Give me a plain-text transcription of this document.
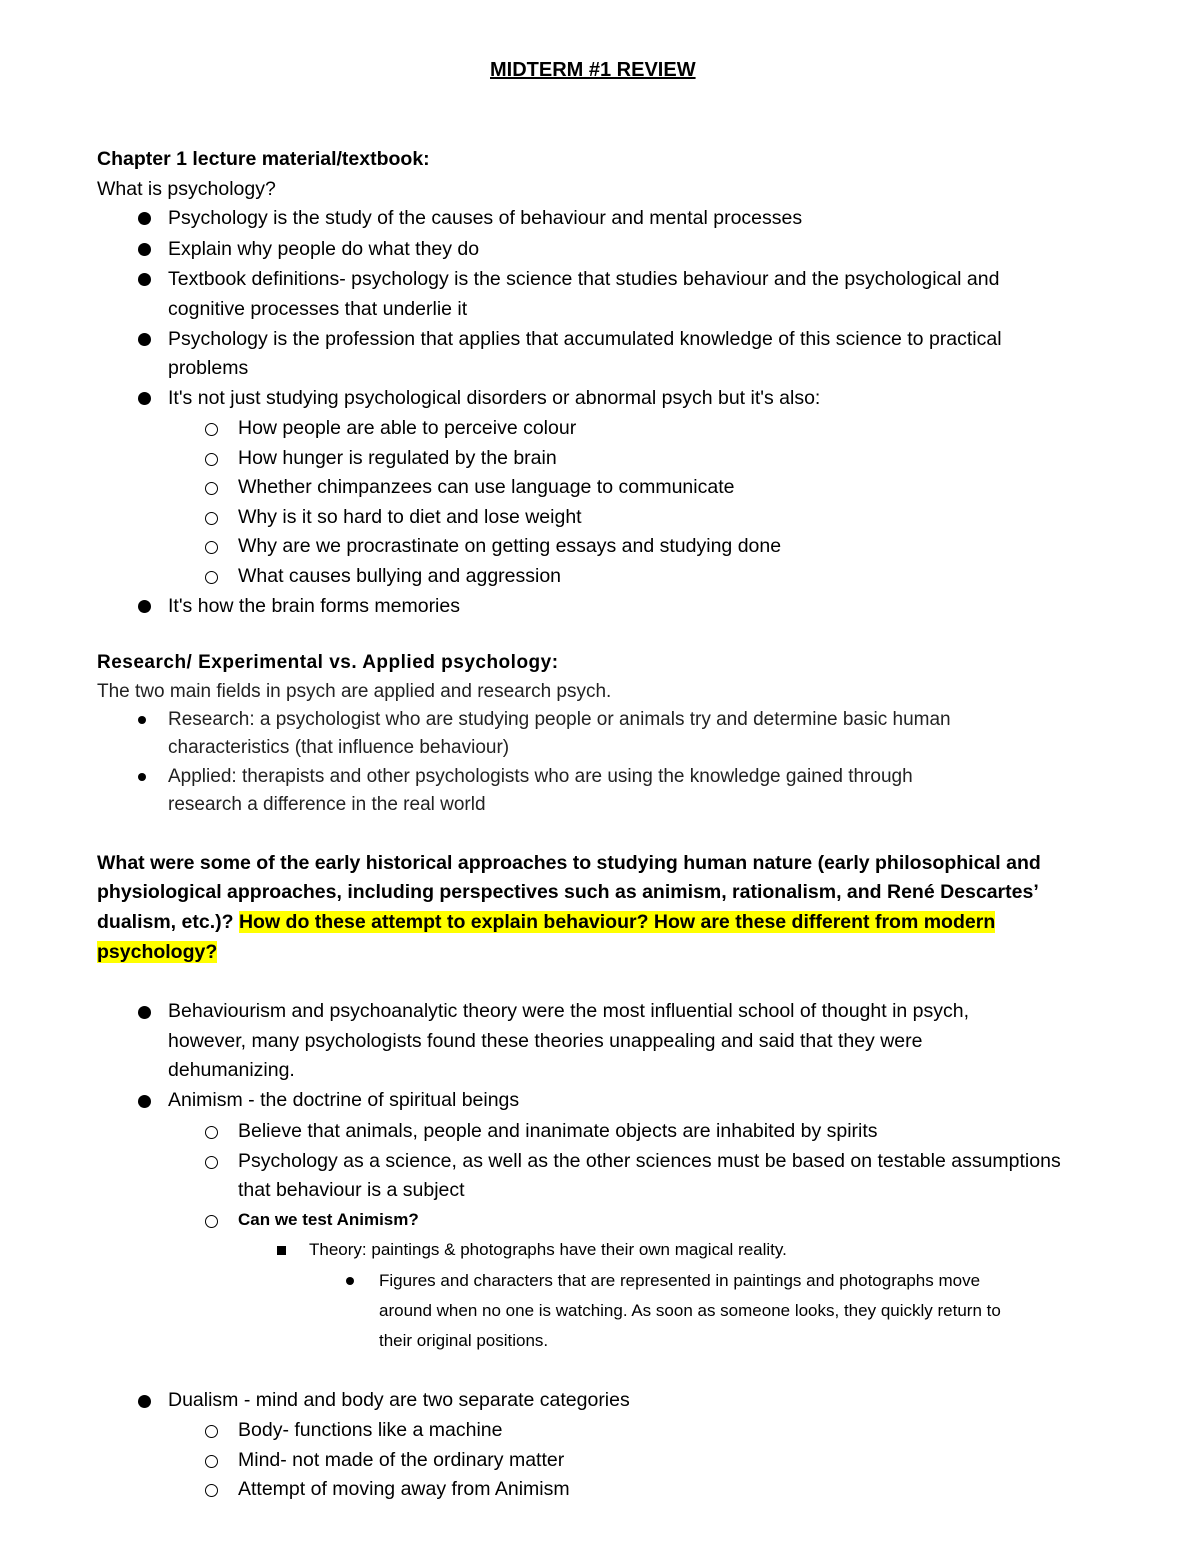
MIDTERM #1 REVIEW
Chapter 1 lecture material/textbook:
What is psychology?
Psychology is the study of the causes of behaviour and mental processes
Explain why people do what they do
Textbook definitions- psychology is the science that studies behaviour and the psychological and
cognitive processes that underlie it
Psychology is the profession that applies that accumulated knowledge of this science to practical
problems
It's not just studying psychological disorders or abnormal psych but it's also:
How people are able to perceive colour
How hunger is regulated by the brain
Whether chimpanzees can use language to communicate
Why is it so hard to diet and lose weight
Why are we procrastinate on getting essays and studying done
What causes bullying and aggression
It's how the brain forms memories
Research/ Experimental vs. Applied psychology:
The two main fields in psych are applied and research psych.
Research: a psychologist who are studying people or animals try and determine basic human
characteristics (that influence behaviour)
Applied: therapists and other psychologists who are using the knowledge gained through
research a difference in the real world
What were some of the early historical approaches to studying human nature (early philosophical and
physiological approaches, including perspectives such as animism, rationalism, and René Descartes’
dualism, etc.)? How do these attempt to explain behaviour? How are these different from modern
psychology?
Behaviourism and psychoanalytic theory were the most influential school of thought in psych,
however, many psychologists found these theories unappealing and said that they were
dehumanizing.
Animism - the doctrine of spiritual beings
Believe that animals, people and inanimate objects are inhabited by spirits
Psychology as a science, as well as the other sciences must be based on testable assumptions
that behaviour is a subject
Can we test Animism?
Theory: paintings & photographs have their own magical reality.
Figures and characters that are represented in paintings and photographs move
around when no one is watching. As soon as someone looks, they quickly return to
their original positions.
Dualism - mind and body are two separate categories
Body- functions like a machine
Mind- not made of the ordinary matter
Attempt of moving away from Animism
